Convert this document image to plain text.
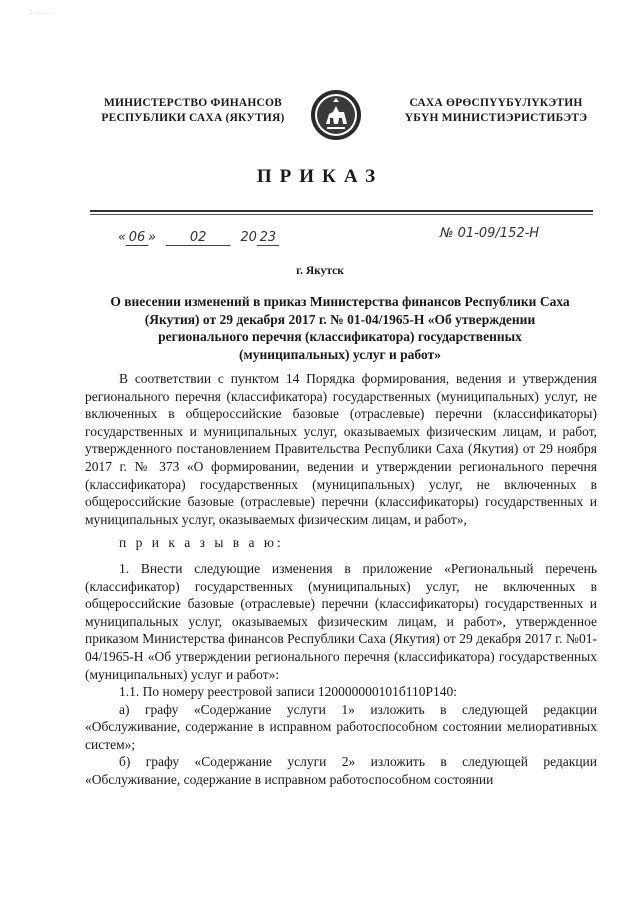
·· ·· ··
МИНИСТЕРСТВО ФИНАНСОВ
РЕСПУБЛИКИ САХА (ЯКУТИЯ)
САХА ӨРӨСПҮҮБҮЛҮКЭТИН
ҮБҮН МИНИСТИЭРИСТИБЭТЭ
ПРИКАЗ
« 06 » 02	20 23	№ 01-09/152-Н
г. Якутск
О внесении изменений в приказ Министерства финансов Республики Саха (Якутия) от 29 декабря 2017 г. № 01-04/1965-Н «Об утверждении регионального перечня (классификатора) государственных (муниципальных) услуг и работ»

В соответствии с пунктом 14 Порядка формирования, ведения и утверждения регионального перечня (классификатора) государственных (муниципальных) услуг, не включенных в общероссийские базовые (отраслевые) перечни (классификаторы) государственных и муниципальных услуг, оказываемых физическим лицам, и работ, утвержденного постановлением Правительства Республики Саха (Якутия) от 29 ноября 2017 г. № 373 «О формировании, ведении и утверждении регионального перечня (классификатора) государственных (муниципальных) услуг, не включенных в общероссийские базовые (отраслевые) перечни (классификаторы) государственных и муниципальных услуг, оказываемых физическим лицам, и работ»,

п р и к а з ы в а ю:

1. Внести следующие изменения в приложение «Региональный перечень (классификатор) государственных (муниципальных) услуг, не включенных в общероссийские базовые (отраслевые) перечни (классификаторы) государственных и муниципальных услуг, оказываемых физическим лицам, и работ», утвержденное приказом Министерства финансов Республики Саха (Якутия) от 29 декабря 2017 г. №01-04/1965-Н «Об утверждении регионального перечня (классификатора) государственных (муниципальных) услуг и работ»:

1.1. По номеру реестровой записи 120000000101б110Р140:

а) графу «Содержание услуги 1» изложить в следующей редакции «Обслуживание, содержание в исправном работоспособном состоянии мелиоративных систем»;

б) графу «Содержание услуги 2» изложить в следующей редакции «Обслуживание, содержание в исправном работоспособном состоянии
